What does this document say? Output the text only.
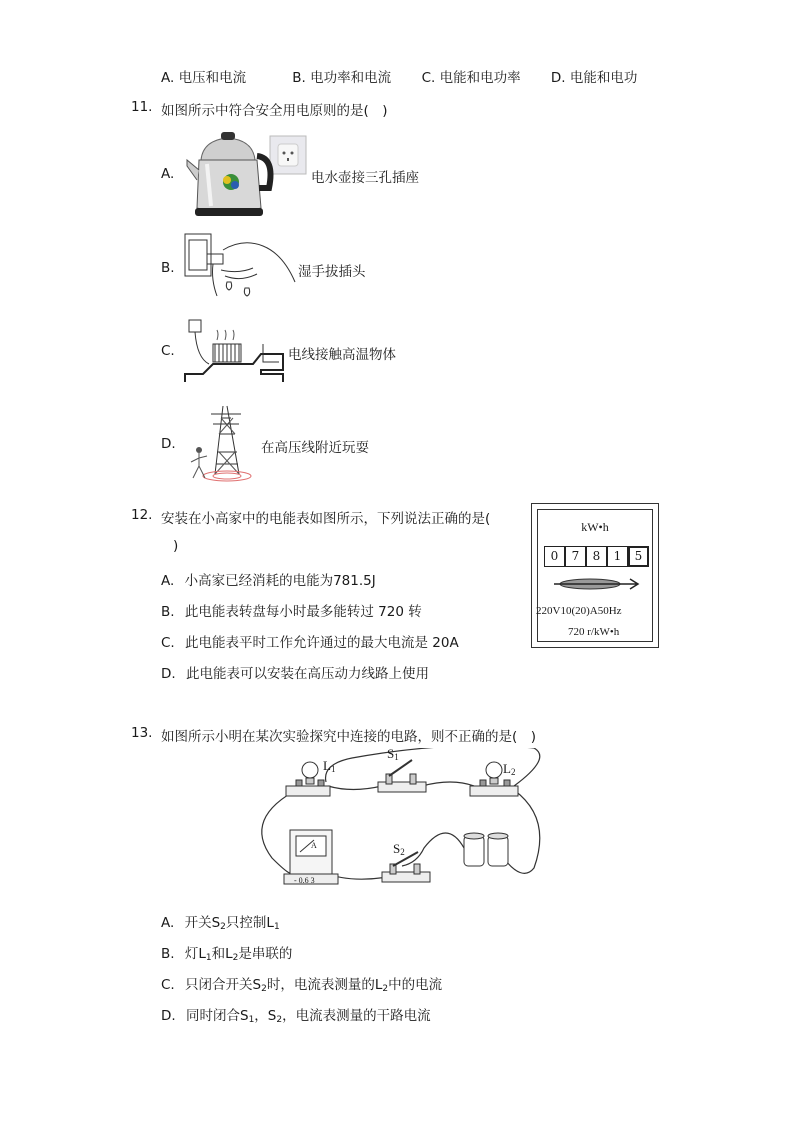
A. 电压和电流	B. 电功率和电流 C. 电能和电功率 D. 电能和电功
11. 如图所示中符合安全用电原则的是(　)
A.	电水壶接三孔插座
B.	湿手拔插头
C.	电线接触高温物体
D.	在高压线附近玩耍
12. 安装在小高家中的电能表如图所示，下列说法正确的是(
)
A. 小高家已经消耗的电能为781.5J
B. 此电能表转盘每小时最多能转过 720 转
C. 此电能表平时工作允许通过的最大电流是 20A
D. 此电能表可以安装在高压动力线路上使用
kW•h
0	7	8	1	5
220V10(20)A50Hz
720 r/kW•h
13. 如图所示小明在某次实验探究中连接的电路，则不正确的是(　)
$L_1$
$S_1$
$L_2$
$S_2$
A
- 0.6 3
A. 开关$S_2$只控制$L_1$
B. 灯$L_1$和$L_2$是串联的
C. 只闭合开关$S_2$时，电流表测量的$L_2$中的电流
D. 同时闭合$S_1$，$S_2$，电流表测量的干路电流
